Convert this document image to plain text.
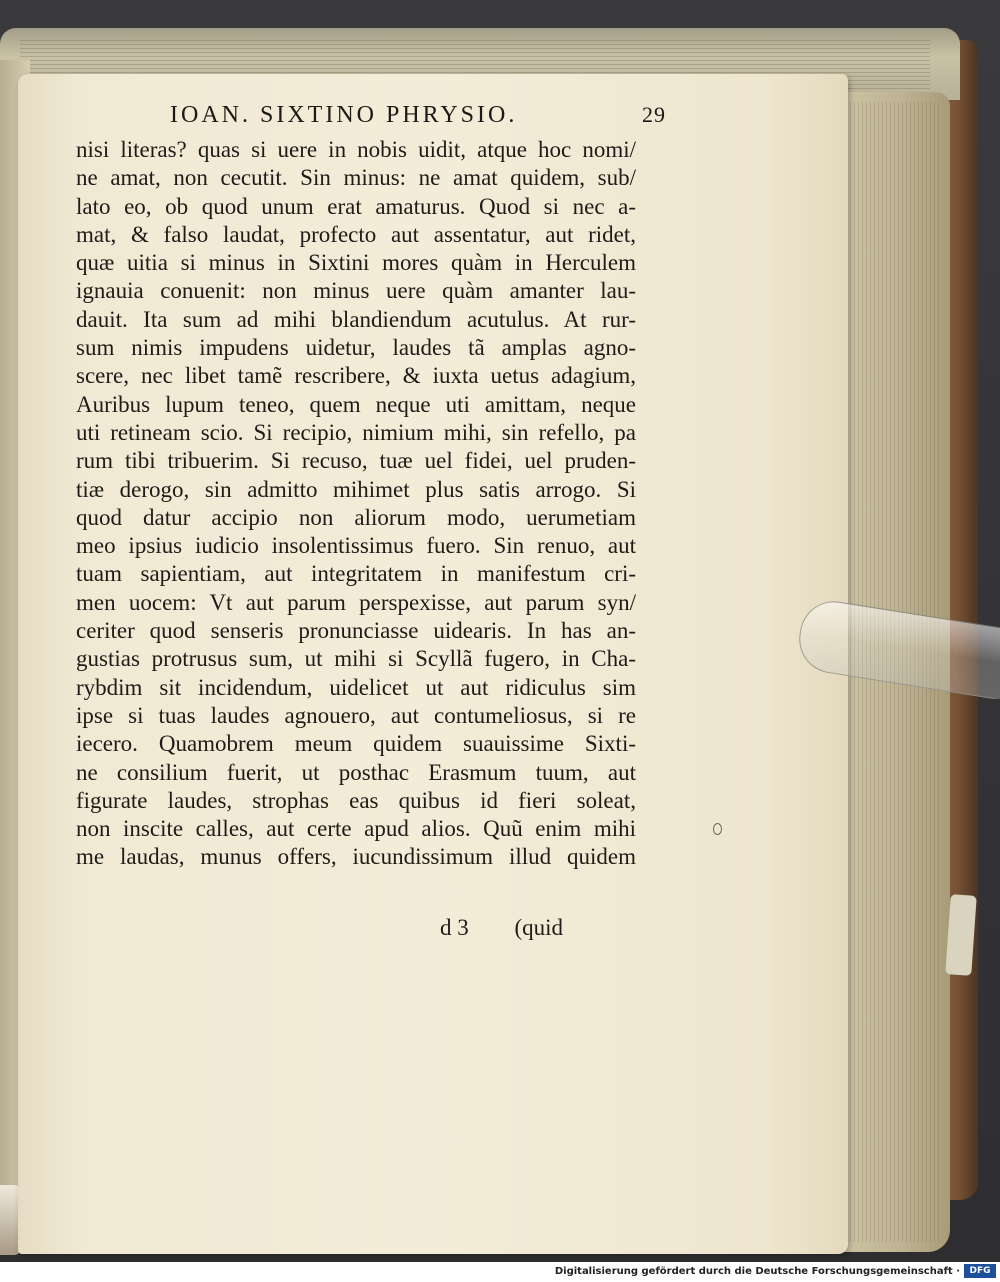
IOAN. SIXTINO PHRYSIO.	29
nisi literas? quas si uere in nobis uidit, atque hoc nomi/
ne amat, non cecutit. Sin minus: ne amat quidem, sub/
lato eo, ob quod unum erat amaturus. Quod si nec a-
mat, & falso laudat, profecto aut assentatur, aut ridet,
quæ uitia si minus in Sixtini mores quàm in Herculem
ignauia conuenit: non minus uere quàm amanter lau-
dauit. Ita sum ad mihi blandiendum acutulus. At rur-
sum nimis impudens uidetur, laudes tã amplas agno-
scere, nec libet tamẽ rescribere, & iuxta uetus adagium,
Auribus lupum teneo, quem neque uti amittam, neque
uti retineam scio. Si recipio, nimium mihi, sin refello, pa
rum tibi tribuerim. Si recuso, tuæ uel fidei, uel pruden-
tiæ derogo, sin admitto mihimet plus satis arrogo. Si
quod datur accipio non aliorum modo, uerumetiam
meo ipsius iudicio insolentissimus fuero. Sin renuo, aut
tuam sapientiam, aut integritatem in manifestum cri-
men uocem: Vt aut parum perspexisse, aut parum syn/
ceriter quod senseris pronunciasse uidearis. In has an-
gustias protrusus sum, ut mihi si Scyllã fugero, in Cha-
rybdim sit incidendum, uidelicet ut aut ridiculus sim
ipse si tuas laudes agnouero, aut contumeliosus, si re
iecero. Quamobrem meum quidem suauissime Sixti-
ne consilium fuerit, ut posthac Erasmum tuum, aut
figurate laudes, strophas eas quibus id fieri soleat,
non inscite calles, aut certe apud alios. Quũ enim mihi
me laudas, munus offers, iucundissimum illud quidem
d 3 (quid
Digitalisierung gefördert durch die Deutsche Forschungsgemeinschaft ·	DFG
